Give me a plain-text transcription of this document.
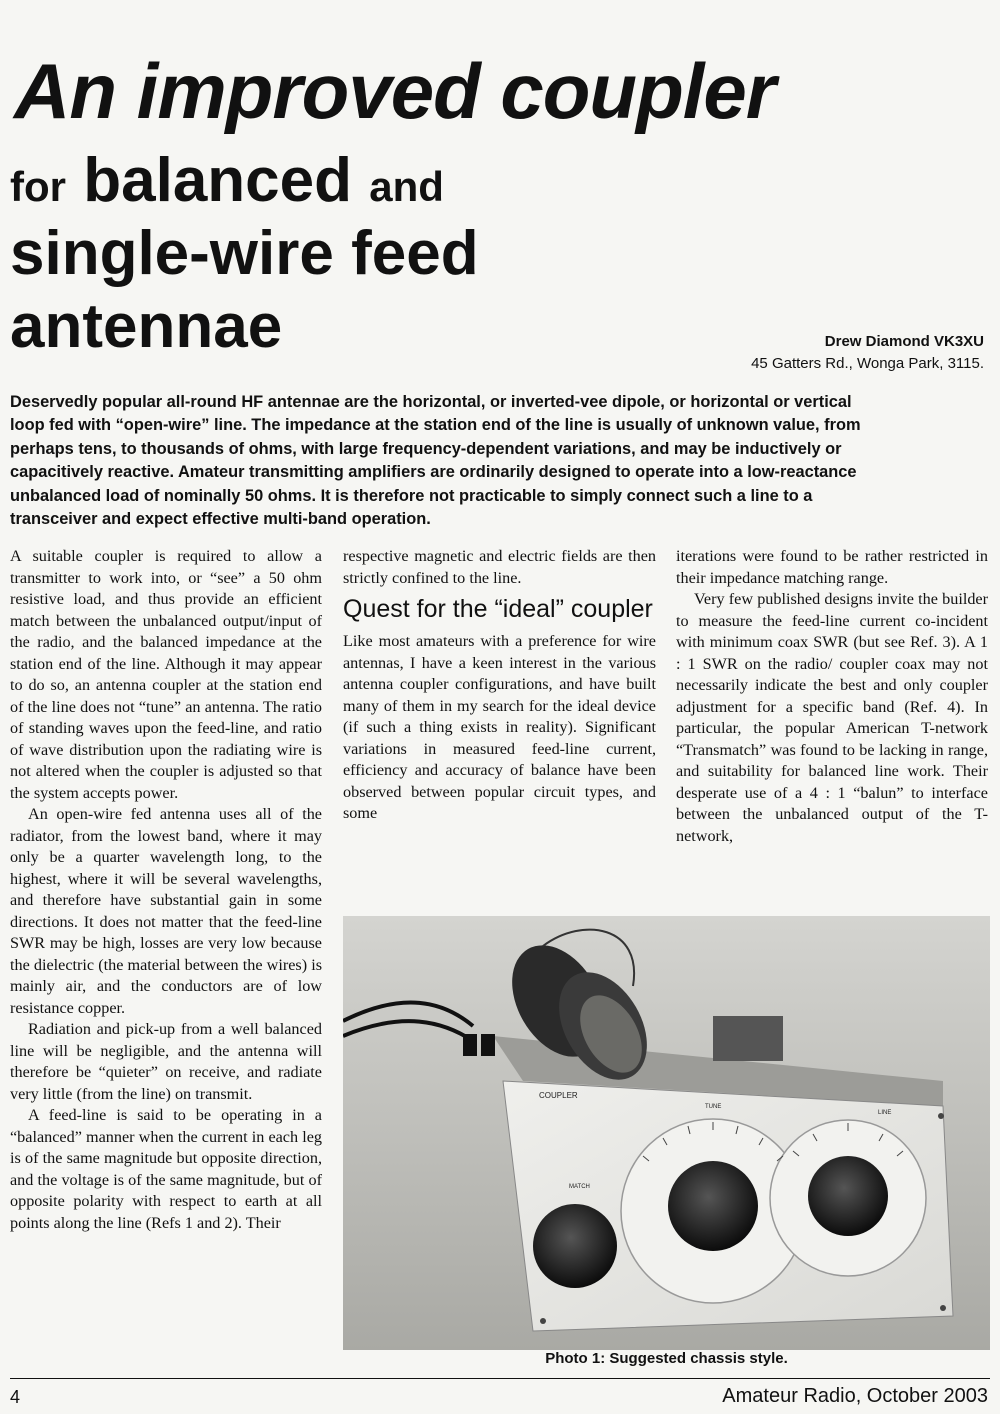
An improved coupler
for balanced and
single-wire feed
antennae	Drew Diamond VK3XU
45 Gatters Rd., Wonga Park, 3115.

Deservedly popular all-round HF antennae are the horizontal, or inverted-vee dipole, or horizontal or vertical

loop fed with “open-wire” line. The impedance at the station end of the line is usually of unknown value, from

perhaps tens, to thousands of ohms, with large frequency-dependent variations, and may be inductively or

capacitively reactive. Amateur transmitting amplifiers are ordinarily designed to operate into a low-reactance

unbalanced load of nominally 50 ohms. It is therefore not practicable to simply connect such a line to a

transceiver and expect effective multi-band operation.

A suitable coupler is required to allow a transmitter to work into, or “see” a 50 ohm resistive load, and thus provide an efficient match between the unbalanced output/input of the radio, and the balanced impedance at the station end of the line. Although it may appear to do so, an antenna coupler at the station end of the line does not “tune” an antenna. The ratio of standing waves upon the feed-line, and ratio of wave distribution upon the radiating wire is not altered when the coupler is adjusted so that the system accepts power.

An open-wire fed antenna uses all of the radiator, from the lowest band, where it may only be a quarter wavelength long, to the highest, where it will be several wavelengths, and therefore have substantial gain in some directions. It does not matter that the feed-line SWR may be high, losses are very low because the dielectric (the material between the wires) is mainly air, and the conductors are of low resistance copper.

Radiation and pick-up from a well balanced line will be negligible, and the antenna will therefore be “quieter” on receive, and radiate very little (from the line) on transmit.

A feed-line is said to be operating in a “balanced” manner when the current in each leg is of the same magnitude but opposite direction, and the voltage is of the same magnitude, but of opposite polarity with respect to earth at all points along the line (Refs 1 and 2). Their

respective magnetic and electric fields are then strictly confined to the line.

Quest for the “ideal” coupler

Like most amateurs with a preference for wire antennas, I have a keen interest in the various antenna coupler configurations, and have built many of them in my search for the ideal device (if such a thing exists in reality). Significant variations in measured feed-line current, efficiency and accuracy of balance have been observed between popular circuit types, and some

iterations were found to be rather restricted in their impedance matching range.

Very few published designs invite the builder to measure the feed-line current co-incident with minimum coax SWR (but see Ref. 3). A 1 : 1 SWR on the radio/ coupler coax may not necessarily indicate the best and only coupler adjustment for a specific band (Ref. 4). In particular, the popular American T-network “Transmatch” was found to be lacking in range, and suitability for balanced line work. Their desperate use of a 4 : 1 “balun” to interface between the unbalanced output of the T-network,

COUPLER
MATCH
TUNE
LINE
Photo 1: Suggested chassis style.
4	Amateur Radio, October 2003
